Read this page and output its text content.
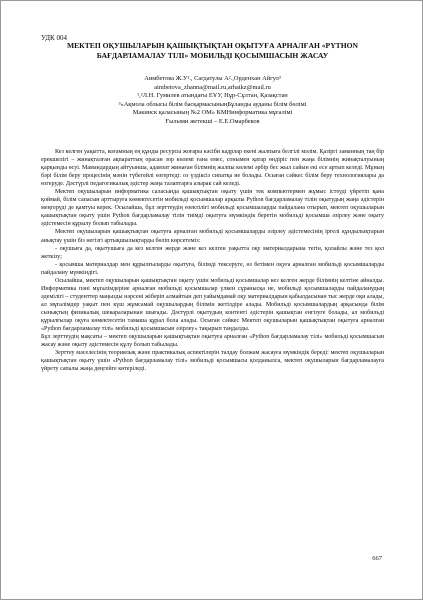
УДК 004
МЕКТЕП ОҚУШЫЛАРЫН ҚАШЫҚТЫҚТАН ОҚЫТУҒА АРНАЛҒАН «PYTHON БАҒДАРЛАМАЛАУ ТІЛІ» МОБИЛЬДІ ҚОСЫМШАСЫН ЖАСАУ
Аимбетова Ж.У¹., Сагдатулы А².,Орденхан Айгул³
aimbetova_zhanna@mail.ru,arhatkz@mail.ru
¹,²Л.Н. Гумилев атындағы ЕҰУ, Нұр-Сұлтан, Қазақстан
³«Ақмола облысы білім басқармасыныңБұланды ауданы білім бөлімі
Макинск қаласының №2 ОМ» КМНинформатика мұғалімі
Ғылыми жетекші – Е.Е.Омарбеков

Кез келген уақытта, коғамның ең құнды ресурсы жоғары кәсіби кадрлар екені жалпыға белгілі мәлім. Қазіргі заманның таң бір ерекшелігі – жинақталған ақпараттың орасан зор көлемі ғана емес, сонымен қатар өндіріс пен жаңа білімнің жинақталуының қарқынды өсуі. Мамандардың айтуынша, адамзат жинаған білімнің жалпы көлемі әрбір бес жыл сайын екі есе артып келеді. Мұның бәрі білім беру процесінің мәнін түбегейлі өзгертеді: оз үздіксіз сипатқа ие болады. Осыған сәйкес білім беру технологиялары да өзгеруде. Дәстүрлі педагогикалық әдістер жаңа талаптарға азырак сай келеді.

Мектеп оқушыларын информатика саласында қашықтықтан оқыту үшін тек компьютермен жұмыс істеуді үйретіп қана қоймай, білім сапасын арттыруға көмектесетін мобильді қосымшалар арқылы Python бағдарламалау тілін оқытудың жаңа әдістерін меңгеруді де қамтуы керек. Осылайша, бұл зерттеудің өзектілігі мобильді қосымшаларды пайдалана отырып, мектеп оқушыларын қашықтықтан оқыту үшін Python бағдарламалау тілін тиімді оқытуға мүмкіндік беретін мобильді қосымша әзірлеу және оқыту әдістемесін құрылу болып табылады.

Мектеп оқушыларын қашықтықтан оқытуға арналған мобильді қосымшаларды әзірлеу әдістемесінің іргелі құндылықтарын анықтау үшін біз негізгі артықшылықтарды бөліп көрсетеміз:

- оқушыға да, оқытушыға да кез келген жерде және кез келген уақытта оқу материалдарына тегін, қолайлы және тез қол жеткізу;

- қосымша материалдар мен құрылғыларды оқытуға, білімді тексеруге, өз бетімен оқуға арналған мобильді қосымшаларды пайдалану мүмкіндігі.

Осылайша, мектеп оқушыларын қашықтықтан оқыту үшін мобильді қосымшалар кез келген жерде білімнің келтіне айналды. Информатика пәні мұғалімдеріне арналған мобильді қосымшалар үлкен сұранысқа ие, мобильді қосымшаларды пайдаланудың әдемілігі – студенттер маңызды нәрсені жіберіп алмайтын деп уайымдамай оқу материалдарын қабылдасынан тыс жерде оқи алады, ал мұғалімдер уақыт пен күш жұмсамай оқушылардың білімін жетілдіре алады. Мобильді қосымшалардың арқасында білім сынықтың физикалық шекараларынан шығады. Дәстүрлі оқытудың контенті әдістерін қашықтан енгізуге болады, ал мобильді құрылғылар оқуға көмектесетін тамаша құрал бола алады. Осыған сәйкес Мектеп оқушыларын қашықтықтан оқытуға арналған «Python бағдарламалау тілі» мобильді қосымшасын әзірлеу» тақырып таңдалды.

Бұл зерттеудің мақсаты – мектеп оқушыларын қашықтықтан оқытуға арналған «Python бағдарламалау тілі» мобильді қосымшасын жасау және оқыту әдістемесін құлу болып табылады.

Зерттеу мәселесінің теориялық және практикалық аспектілерін талдау болжам жасауға мүмкіндік береді: мектеп оқушыларын қашықтықтан оқыту үшін «Python бағдарламалау тілі» мобильді қосымшасы қолданылса, мектеп оқушыларын бағдарламалауға үйрету сапалы жаңа деңгейге көтеріледі.

667
